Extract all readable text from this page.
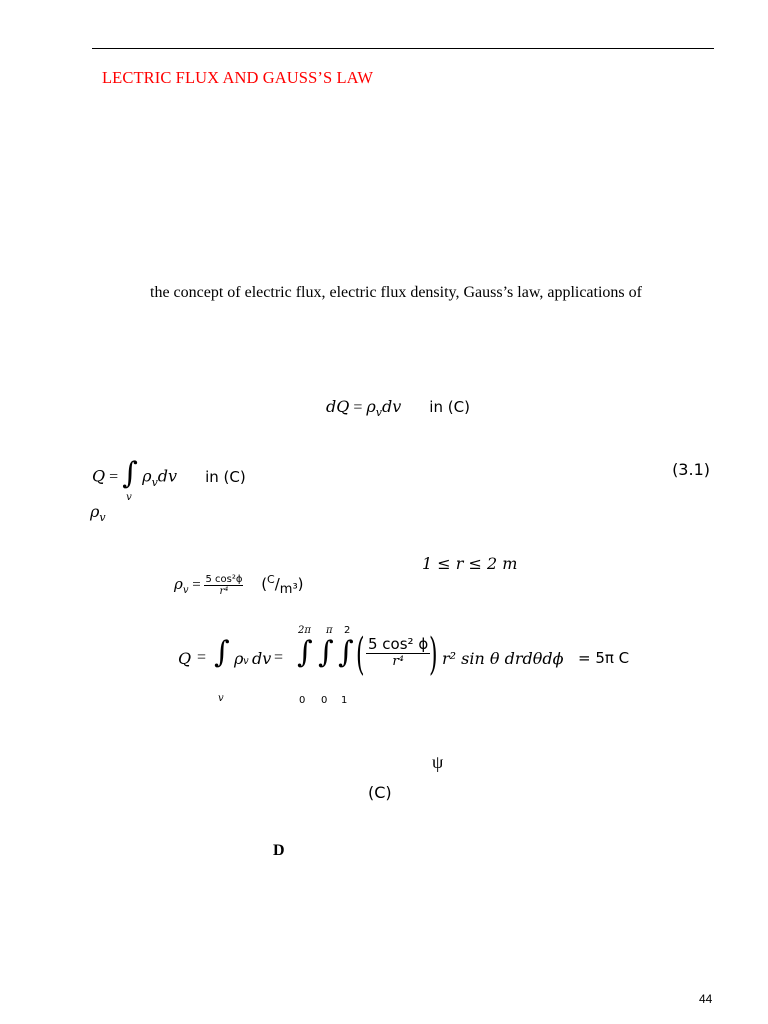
LECTRIC FLUX AND GAUSS’S LAW
the concept of electric flux, electric flux density, Gauss’s law, applications of
dQ = $\rho_vdv$ in (C)
Q = ∫
v
$\rho_vdv$ in (C)	(3.1)
$\rho_v$
1 ≤ r ≤ 2 m
$\rho_v = \frac{\text{5 cos²ϕ}}{\text{r⁴}} (^C/_{m^3})$
Q = ∫
v
ρ v dv =
2π
∫
0
π
∫
0
2
∫
1
( $\frac{\text{5 cos² ϕ}}{\text{r⁴}}$
) r² sin θ drdθdϕ = 5π C
ψ
(C)
D
44
